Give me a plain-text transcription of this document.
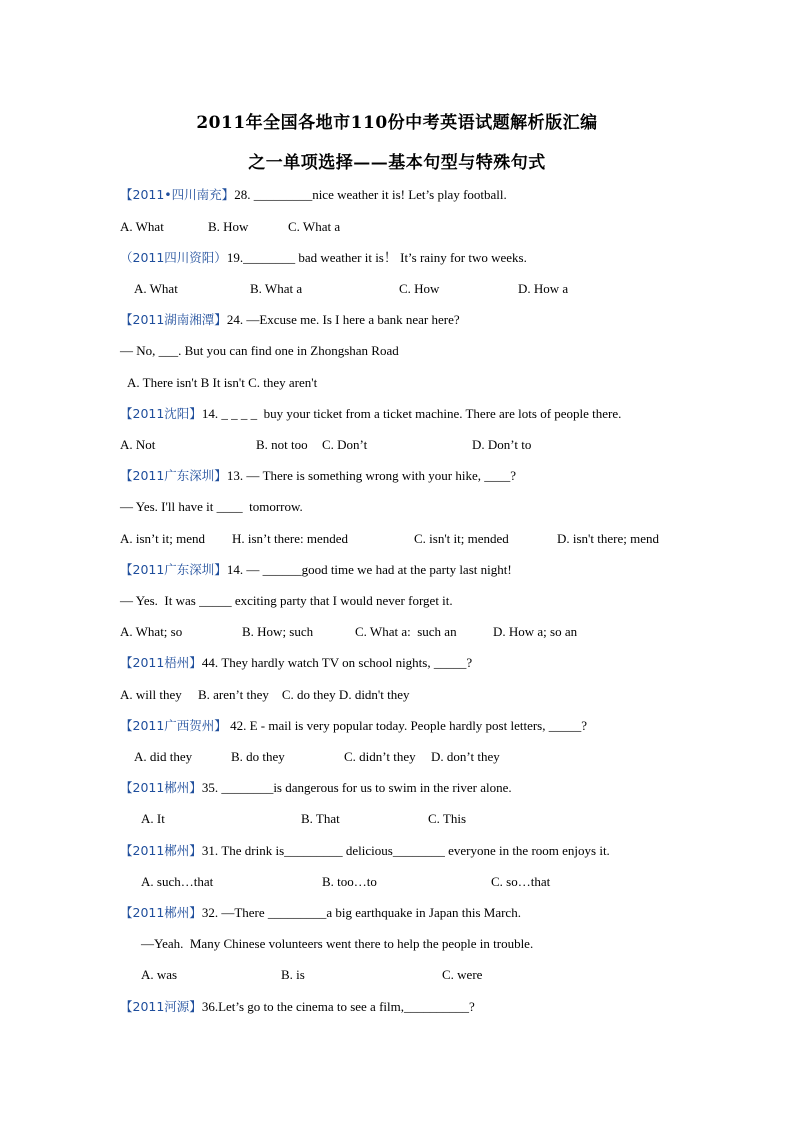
2011年全国各地市110份中考英语试题解析版汇编
之一单项选择——基本句型与特殊句式
【2011•四川南充】28. _________nice weather it is! Let’s play football.

A. What

	B. How

	C. What a

（2011四川资阳）19.________ bad weather it is！ It’s rainy for two weeks.

A. What

	B. What a

	C. How

	D. How a

【2011湖南湘潭】24. —Excuse me. Is I here a bank near here?
— No, ___. But you can find one in Zhongshan Road
A. There isn't B It isn't C. they aren't
【2011沈阳】14. _ _ _ _  buy your ticket from a ticket machine. There are lots of people there.

A. Not

	B. not too

C. Don’t

	D. Don’t to

【2011广东深圳】13. — There is something wrong with your hike, ____?
— Yes. I'll have it ____  tomorrow.

A. isn’t it; mend

H. isn’t there: mended

	C. isn't it; mended

	D. isn't there; mend

【2011广东深圳】14. — ______good time we had at the party last night!
— Yes.  It was _____ exciting party that I would never forget it.

A. What; so

	B. How; such

	C. What a:  such an

	D. How a; so an

【2011梧州】44. They hardly watch TV on school nights, _____?
A. will they     B. aren’t they    C. do they D. didn't they
【2011广西贺州】 42. E - mail is very popular today. People hardly post letters, _____?

A. did they

	B. do they

	C. didn’t they

D. don’t they

【2011郴州】35. ________is dangerous for us to swim in the river alone.

A. It

	B. That

	C. This

【2011郴州】31. The drink is_________ delicious________ everyone in the room enjoys it.

A. such…that

	B. too…to

	C. so…that

【2011郴州】32. —There _________a big earthquake in Japan this March.
—Yeah.  Many Chinese volunteers went there to help the people in trouble.

A. was

	B. is

	C. were

【2011河源】36.Let’s go to the cinema to see a film,__________?
